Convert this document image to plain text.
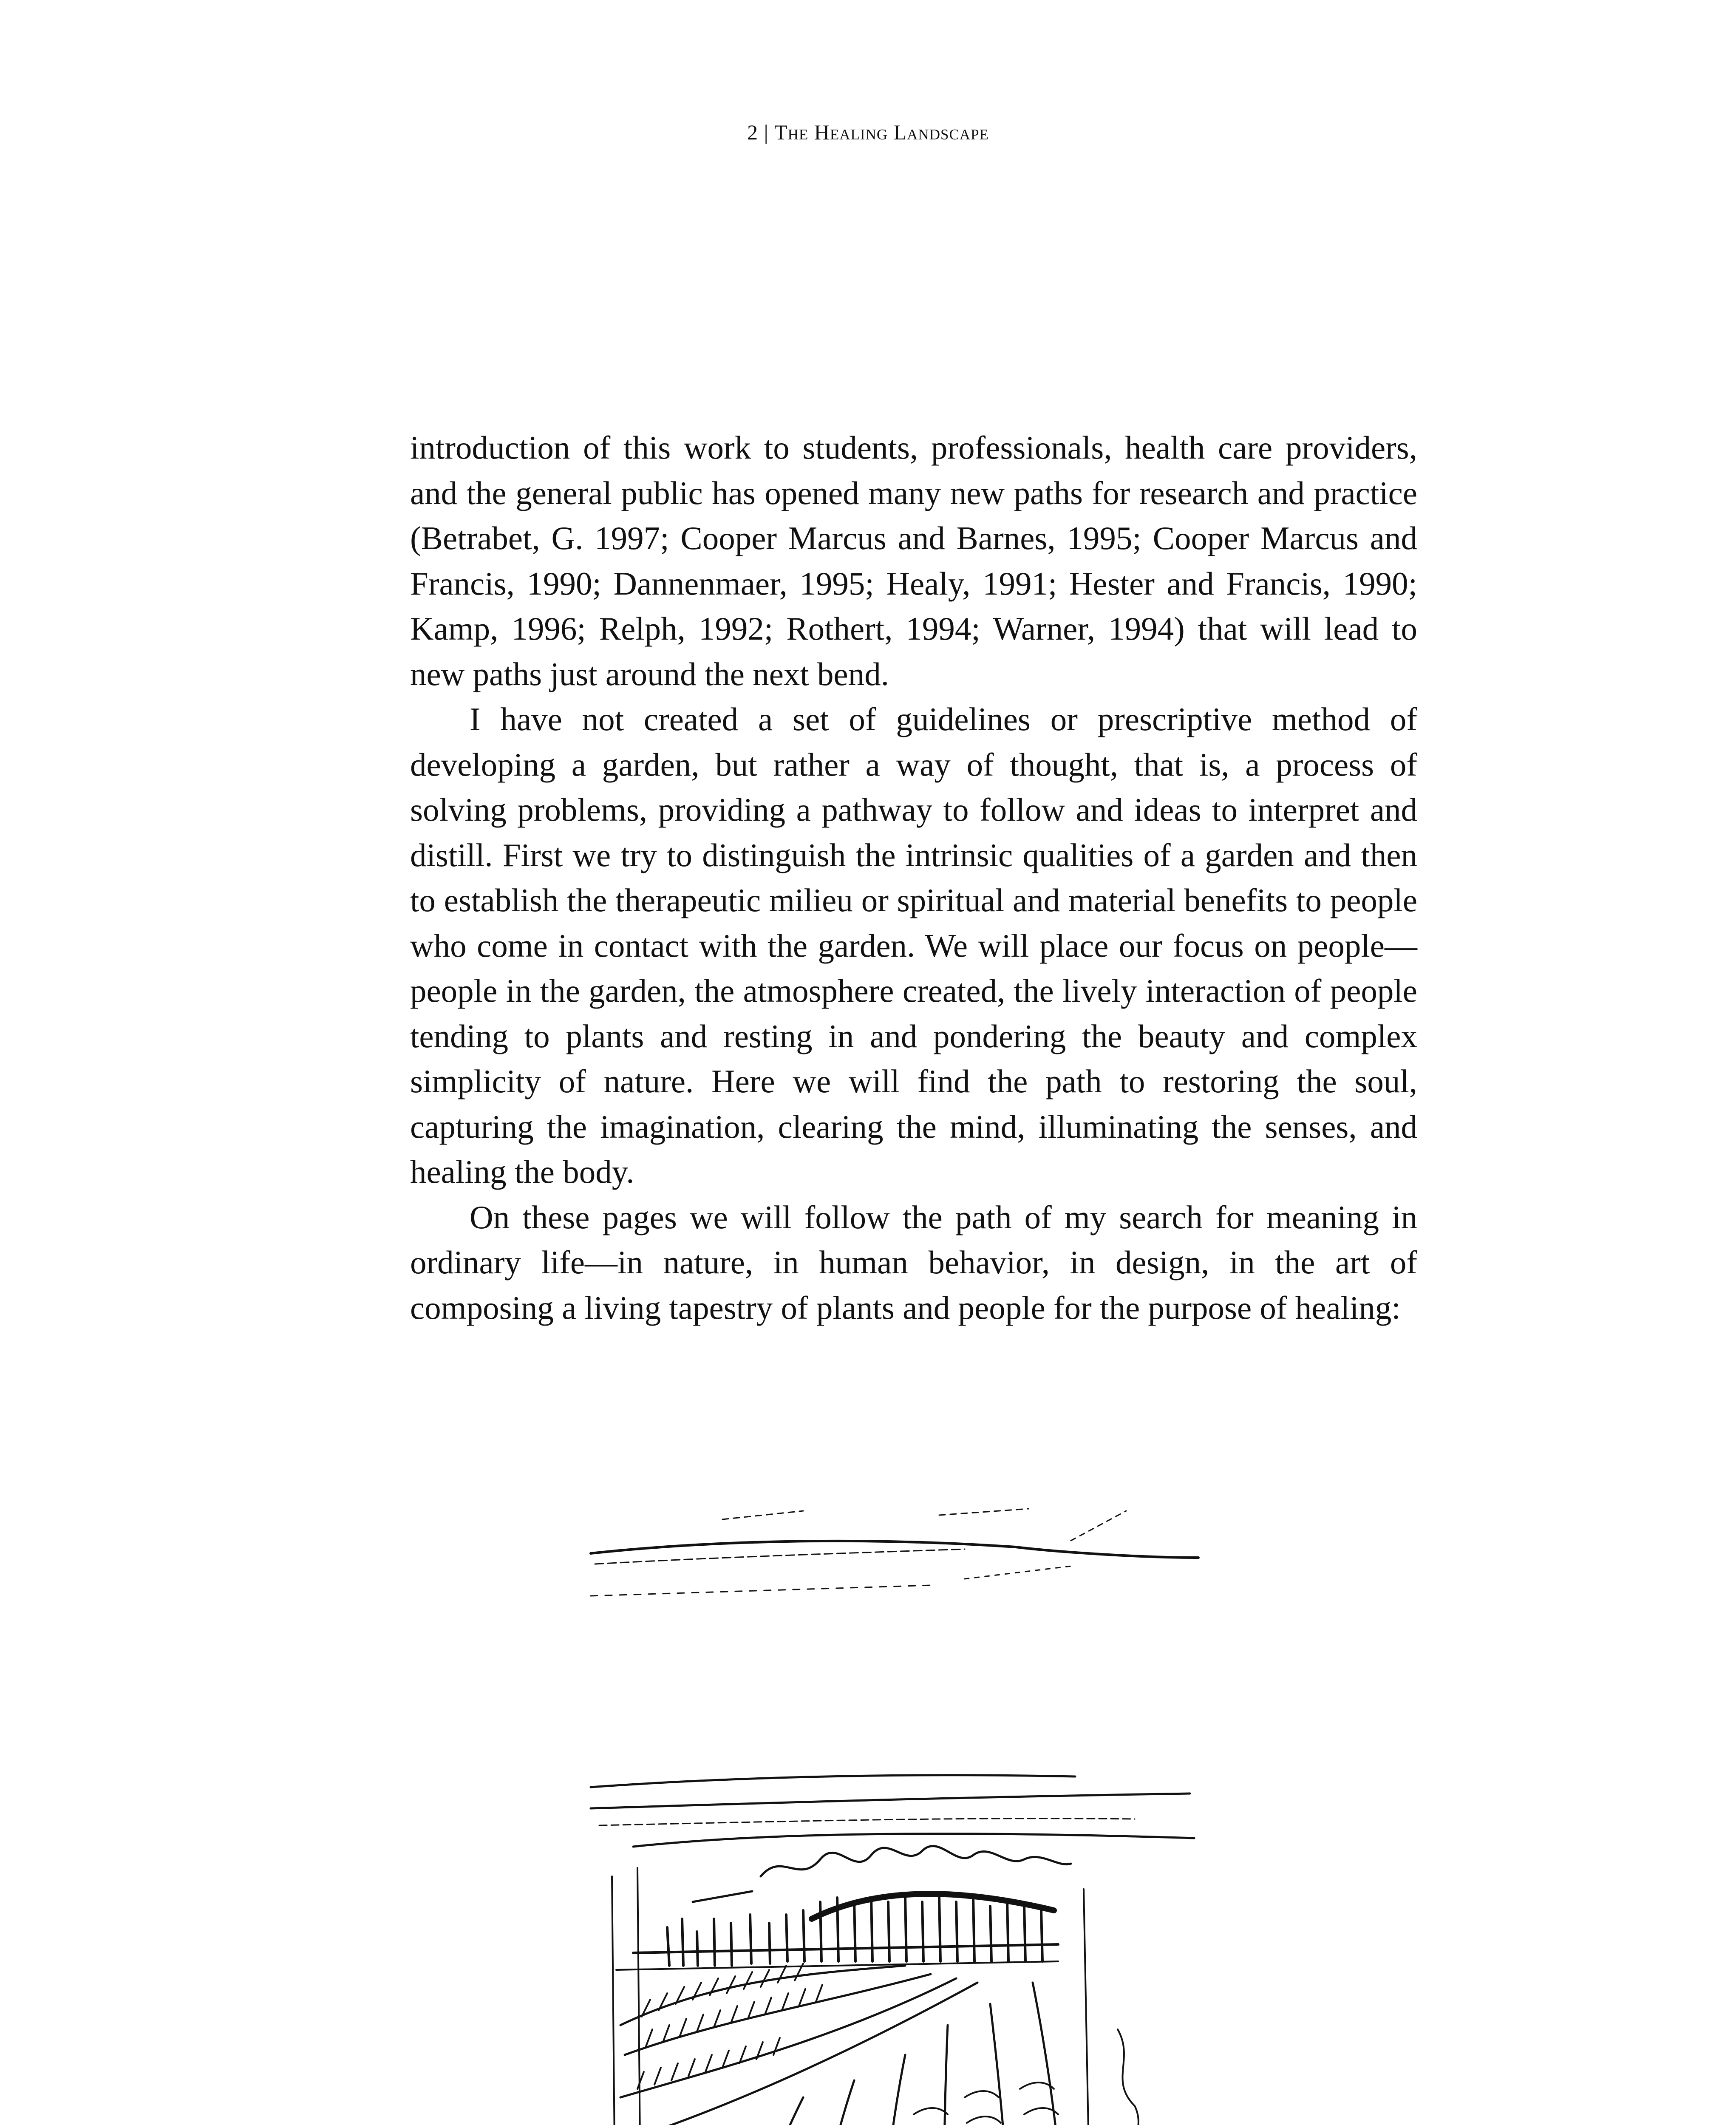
2 | The Healing Landscape

introduction of this work to students, professionals, health care providers, and the general public has opened many new paths for research and practice (Betrabet, G. 1997; Cooper Marcus and Barnes, 1995; Cooper Marcus and Francis, 1990; Dannenmaer, 1995; Healy, 1991; Hester and Francis, 1990; Kamp, 1996; Relph, 1992; Rothert, 1994; Warner, 1994) that will lead to new paths just around the next bend.

I have not created a set of guidelines or prescriptive method of developing a garden, but rather a way of thought, that is, a process of solving problems, providing a pathway to follow and ideas to interpret and distill. First we try to distinguish the intrinsic qualities of a garden and then to establish the therapeutic milieu or spiritual and material benefits to people who come in contact with the garden. We will place our focus on people—people in the garden, the atmosphere created, the lively interaction of people tending to plants and resting in and pondering the beauty and complex simplicity of nature. Here we will find the path to restoring the soul, capturing the imagination, clearing the mind, illuminating the senses, and healing the body.

On these pages we will follow the path of my search for meaning in ordinary life—in nature, in human behavior, in design, in the art of composing a living tapestry of plants and people for the purpose of healing:
